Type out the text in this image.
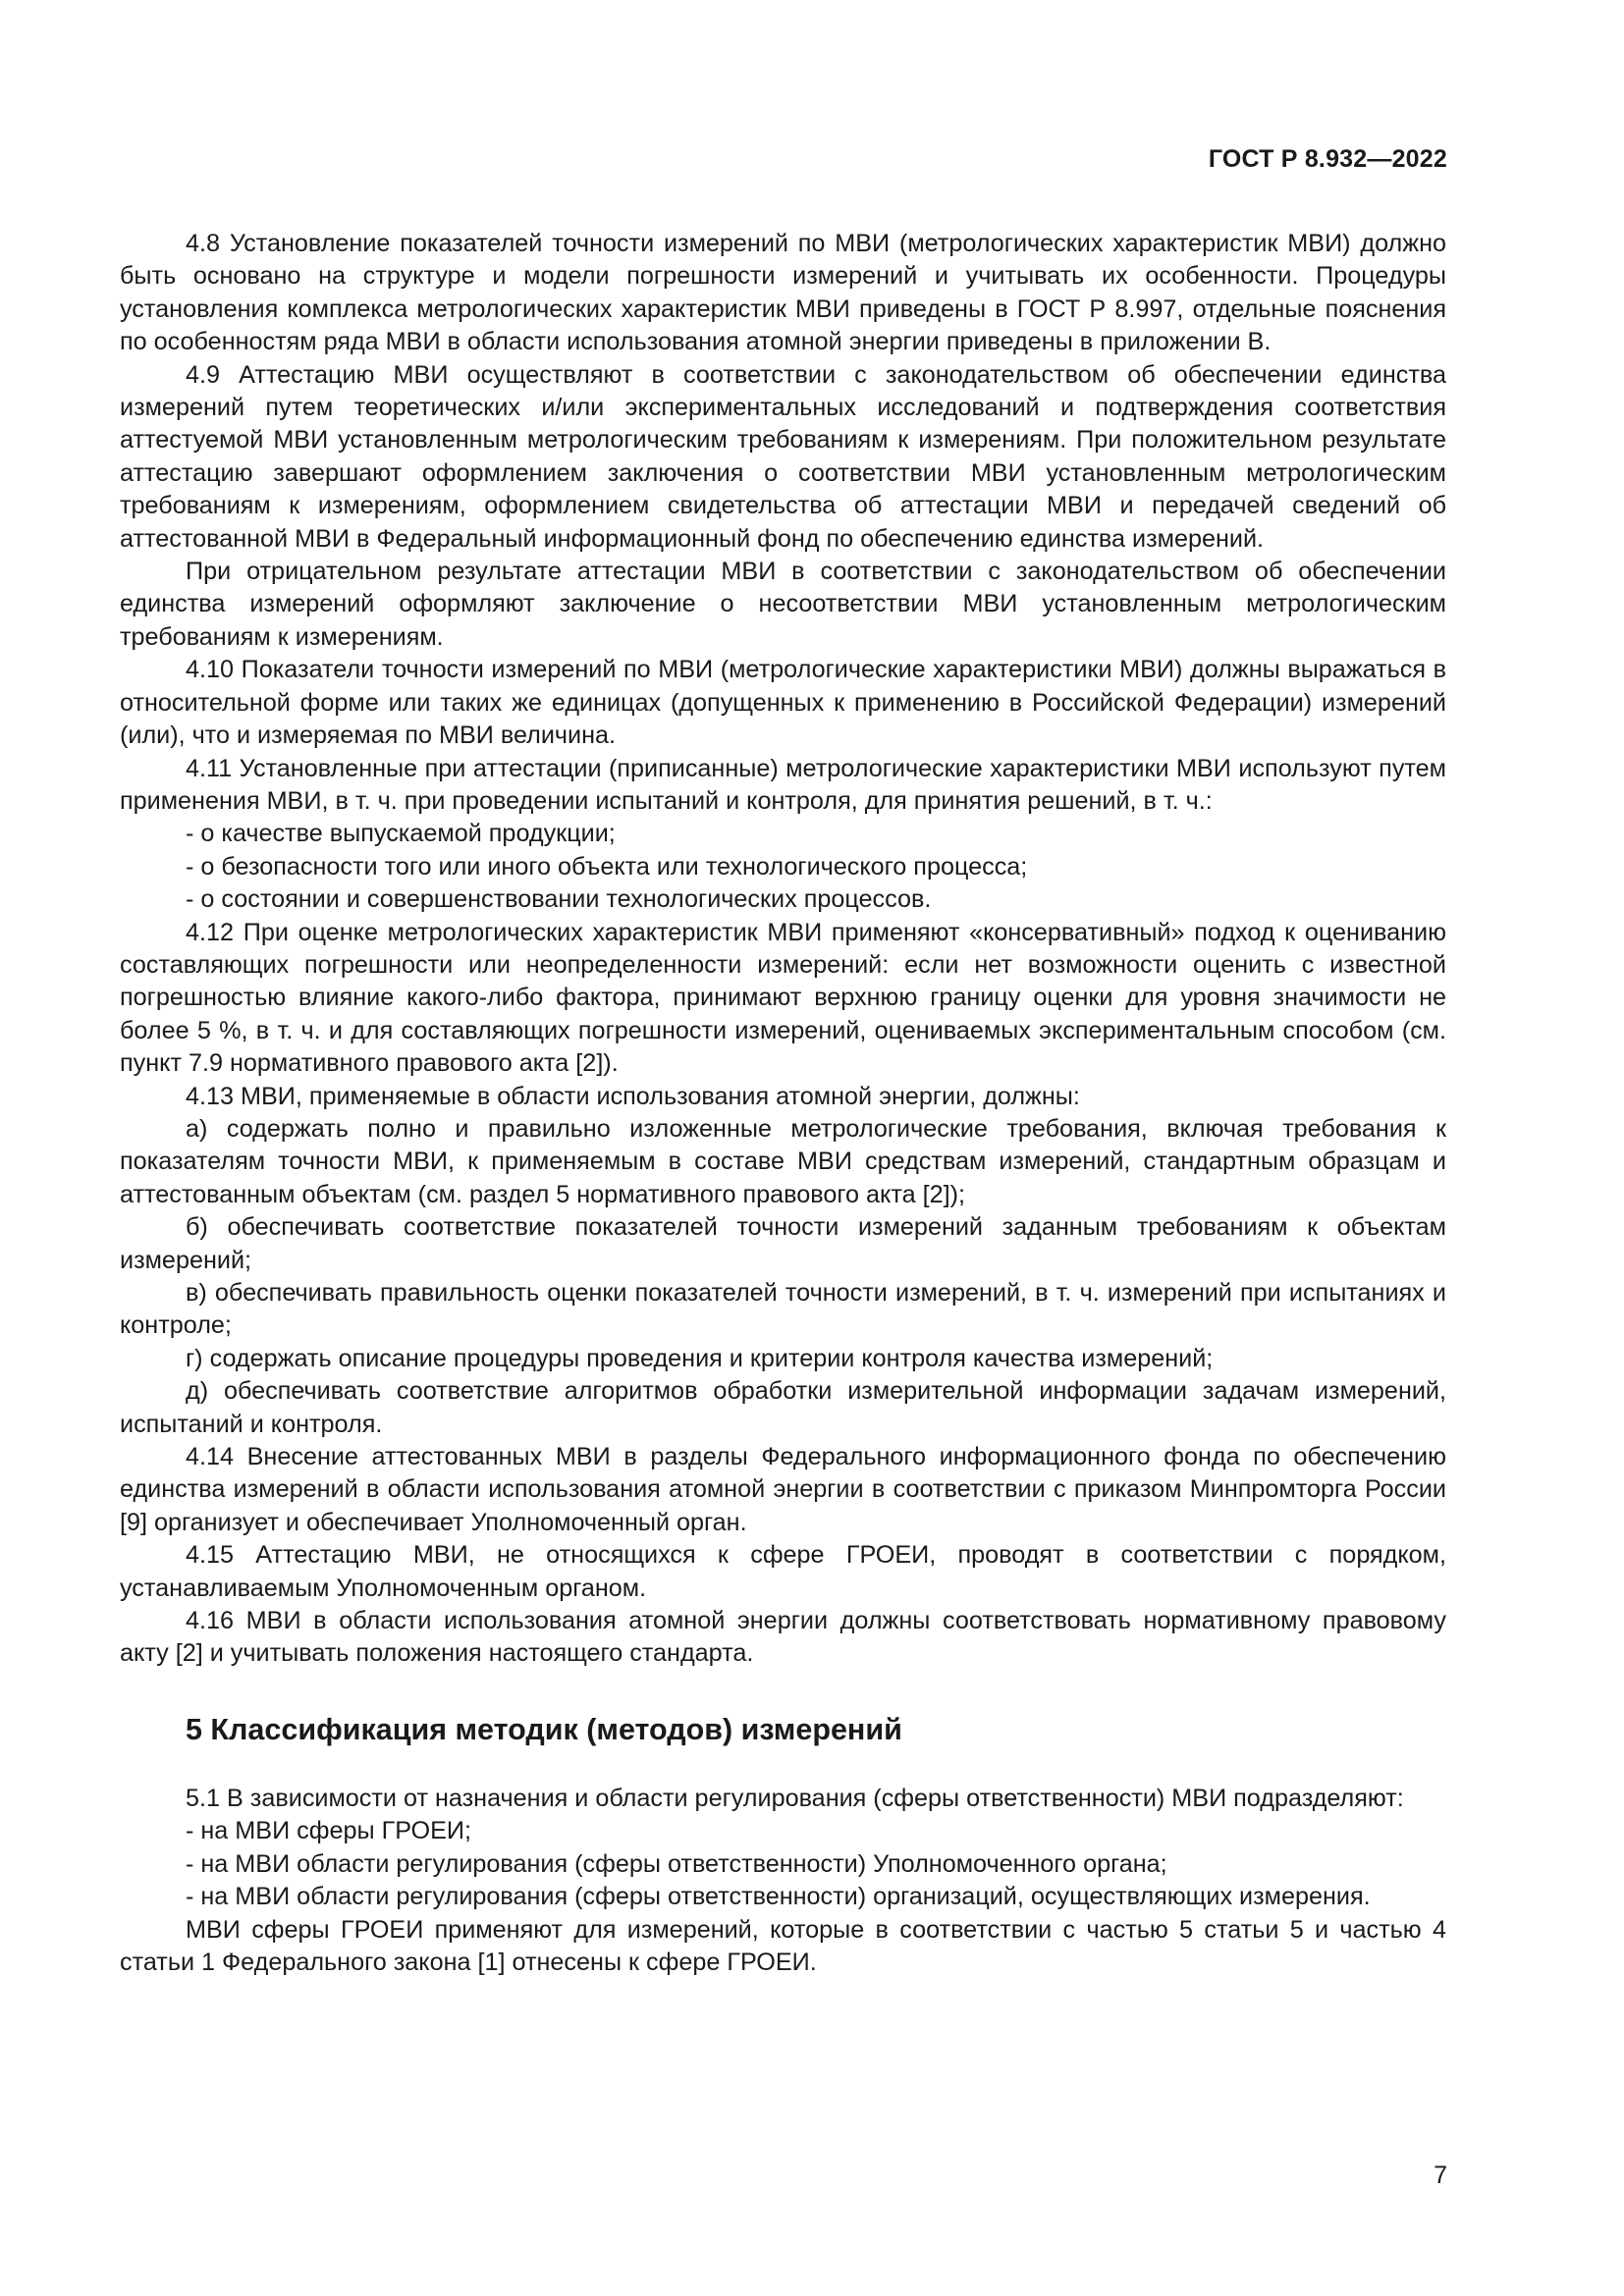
ГОСТ Р 8.932—2022

4.8 Установление показателей точности измерений по МВИ (метрологических характеристик МВИ) должно быть основано на структуре и модели погрешности измерений и учитывать их особенности. Процедуры установления комплекса метрологических характеристик МВИ приведены в ГОСТ Р 8.997, отдельные пояснения по особенностям ряда МВИ в области использования атомной энергии приведены в приложении В.

4.9 Аттестацию МВИ осуществляют в соответствии с законодательством об обеспечении единства измерений путем теоретических и/или экспериментальных исследований и подтверждения соответствия аттестуемой МВИ установленным метрологическим требованиям к измерениям. При положительном результате аттестацию завершают оформлением заключения о соответствии МВИ установленным метрологическим требованиям к измерениям, оформлением свидетельства об аттестации МВИ и передачей сведений об аттестованной МВИ в Федеральный информационный фонд по обеспечению единства измерений.

При отрицательном результате аттестации МВИ в соответствии с законодательством об обеспечении единства измерений оформляют заключение о несоответствии МВИ установленным метрологическим требованиям к измерениям.

4.10 Показатели точности измерений по МВИ (метрологические характеристики МВИ) должны выражаться в относительной форме или таких же единицах (допущенных к применению в Российской Федерации) измерений (или), что и измеряемая по МВИ величина.

4.11 Установленные при аттестации (приписанные) метрологические характеристики МВИ используют путем применения МВИ, в т. ч. при проведении испытаний и контроля, для принятия решений, в т. ч.:

- о качестве выпускаемой продукции;

- о безопасности того или иного объекта или технологического процесса;

- о состоянии и совершенствовании технологических процессов.

4.12 При оценке метрологических характеристик МВИ применяют «консервативный» подход к оцениванию составляющих погрешности или неопределенности измерений: если нет возможности оценить с известной погрешностью влияние какого-либо фактора, принимают верхнюю границу оценки для уровня значимости не более 5 %, в т. ч. и для составляющих погрешности измерений, оцениваемых экспериментальным способом (см. пункт 7.9 нормативного правового акта [2]).

4.13 МВИ, применяемые в области использования атомной энергии, должны:

а) содержать полно и правильно изложенные метрологические требования, включая требования к показателям точности МВИ, к применяемым в составе МВИ средствам измерений, стандартным образцам и аттестованным объектам (см. раздел 5 нормативного правового акта [2]);

б) обеспечивать соответствие показателей точности измерений заданным требованиям к объектам измерений;

в) обеспечивать правильность оценки показателей точности измерений, в т. ч. измерений при испытаниях и контроле;

г) содержать описание процедуры проведения и критерии контроля качества измерений;

д) обеспечивать соответствие алгоритмов обработки измерительной информации задачам измерений, испытаний и контроля.

4.14 Внесение аттестованных МВИ в разделы Федерального информационного фонда по обеспечению единства измерений в области использования атомной энергии в соответствии с приказом Минпромторга России [9] организует и обеспечивает Уполномоченный орган.

4.15 Аттестацию МВИ, не относящихся к сфере ГРОЕИ, проводят в соответствии с порядком, устанавливаемым Уполномоченным органом.

4.16 МВИ в области использования атомной энергии должны соответствовать нормативному правовому акту [2] и учитывать положения настоящего стандарта.

5 Классификация методик (методов) измерений

5.1 В зависимости от назначения и области регулирования (сферы ответственности) МВИ подразделяют:

- на МВИ сферы ГРОЕИ;

- на МВИ области регулирования (сферы ответственности) Уполномоченного органа;

- на МВИ области регулирования (сферы ответственности) организаций, осуществляющих измерения.

МВИ сферы ГРОЕИ применяют для измерений, которые в соответствии с частью 5 статьи 5 и частью 4 статьи 1 Федерального закона [1] отнесены к сфере ГРОЕИ.

7
